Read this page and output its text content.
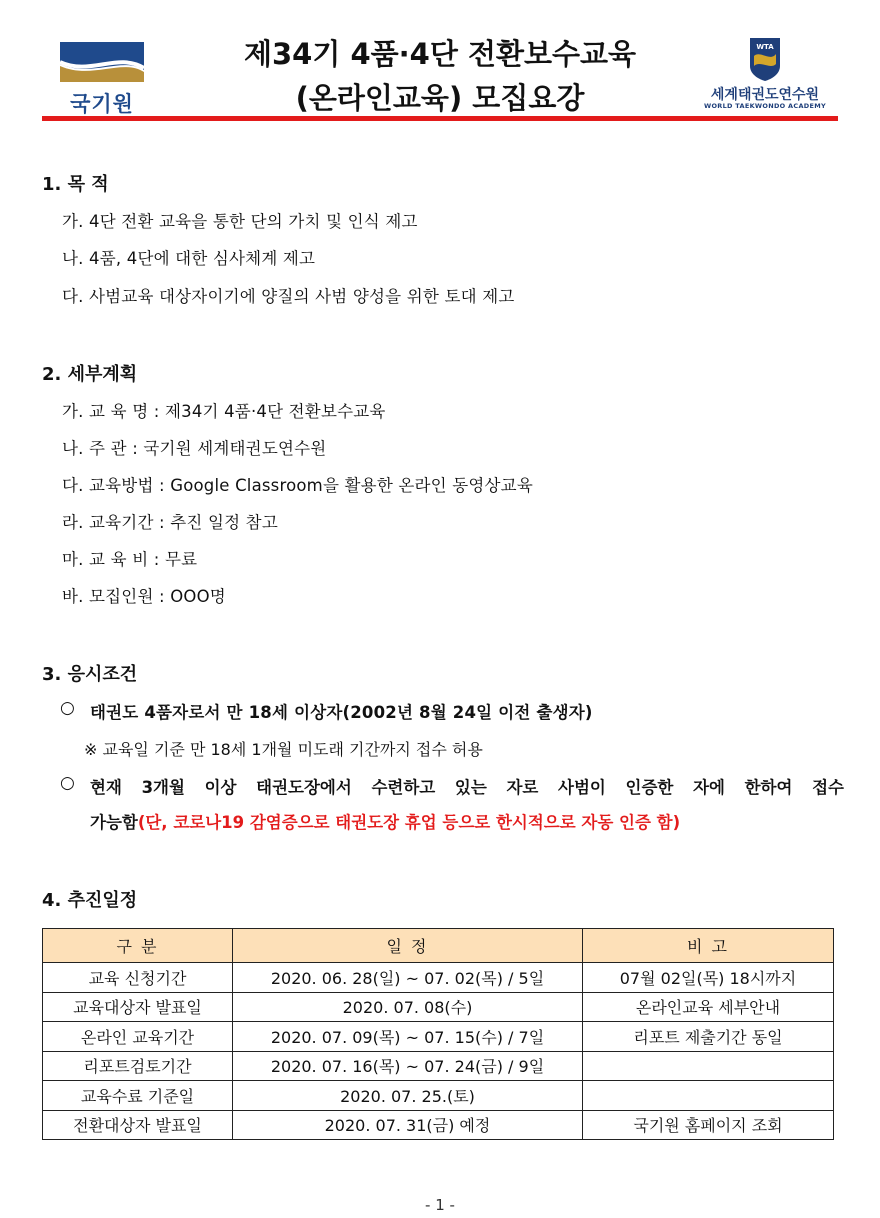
국기원
제34기 4품·4단 전환보수교육
(온라인교육) 모집요강
WTA
세계태권도연수원
WORLD TAEKWONDO ACADEMY
1. 목 적
가. 4단 전환 교육을 통한 단의 가치 및 인식 제고
나. 4품, 4단에 대한 심사체계 제고
다. 사범교육 대상자이기에 양질의 사범 양성을 위한 토대 제고
2. 세부계획
가. 교 육 명 : 제34기 4품·4단 전환보수교육
나. 주 관 : 국기원 세계태권도연수원
다. 교육방법 : Google Classroom을 활용한 온라인 동영상교육
라. 교육기간 : 추진 일정 참고
마. 교 육 비 : 무료
바. 모집인원 : OOO명
3. 응시조건
○ 태권도 4품자로서 만 18세 이상자(2002년 8월 24일 이전 출생자)
※ 교육일 기준 만 18세 1개월 미도래 기간까지 접수 허용
○ 현재 3개월 이상 태권도장에서 수련하고 있는 자로 사범이 인증한 자에 한하여 접수
가능함(단, 코로나19 감염증으로 태권도장 휴업 등으로 한시적으로 자동 인증 함)
4. 추진일정
구 분	일 정	비 고
교육 신청기간	2020. 06. 28(일) ~ 07. 02(목) / 5일	07월 02일(목) 18시까지
교육대상자 발표일	2020. 07. 08(수)	온라인교육 세부안내
온라인 교육기간	2020. 07. 09(목) ~ 07. 15(수) / 7일	리포트 제출기간 동일
리포트검토기간	2020. 07. 16(목) ~ 07. 24(금) / 9일	
교육수료 기준일	2020. 07. 25.(토)	
전환대상자 발표일	2020. 07. 31(금) 예정	국기원 홈페이지 조회
- 1 -
